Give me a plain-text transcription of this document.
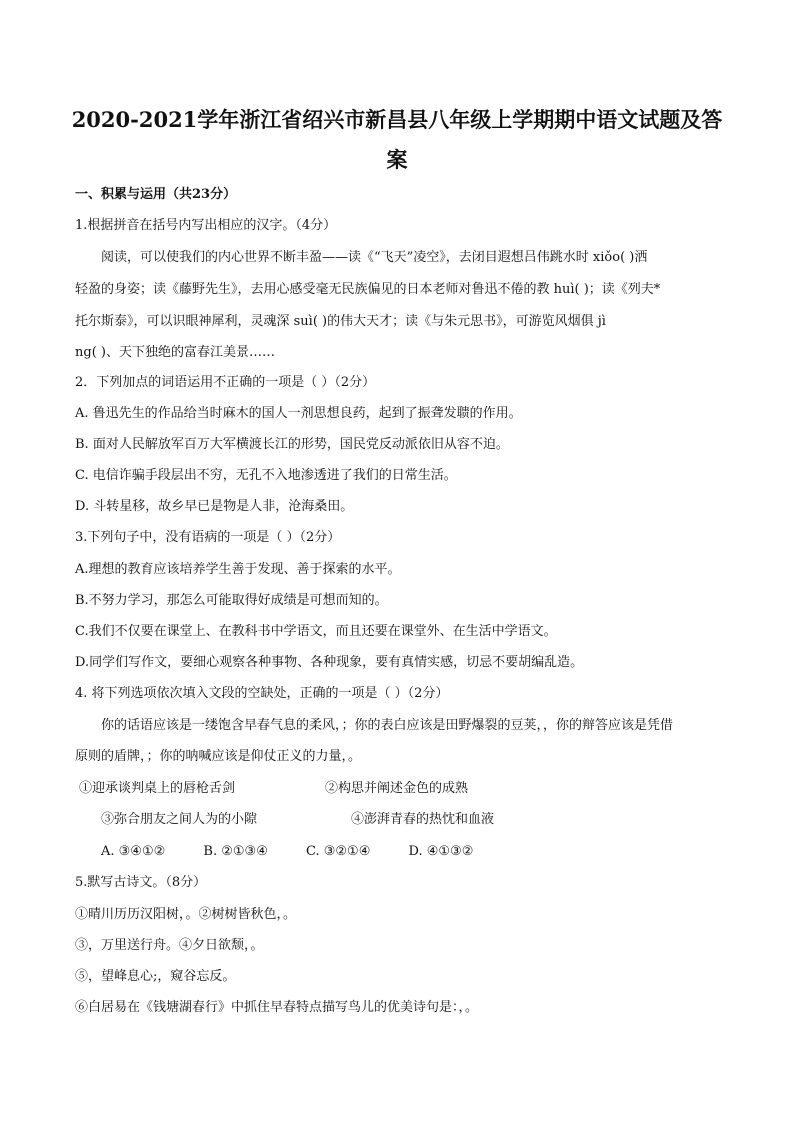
2020-2021学年浙江省绍兴市新昌县八年级上学期期中语文试题及答
案

一、积累与运用（共23分）

1.根据拼音在括号内写出相应的汉字。（4分）

阅读，可以使我们的内心世界不断丰盈——读《“飞天”凌空》，去闭目遐想吕伟跳水时 xiǒo( )洒

轻盈的身姿；读《藤野先生》，去用心感受毫无民族偏见的日本老师对鲁迅不倦的教 huì( )；读《列夫*

托尔斯泰》，可以识眼神犀利，灵魂深 suì( )的伟大天才；读《与朱元思书》，可游览风烟俱 jì

ng( )、天下独绝的富春江美景……

2．下列加点的词语运用不正确的一项是（ ）（2分）

A. 鲁迅先生的作品给当时麻木的国人一剂思想良药，起到了振聋发聩的作用。

B. 面对人民解放军百万大军横渡长江的形势，国民党反动派依旧从容不迫。

C. 电信诈骗手段层出不穷，无孔不入地渗透进了我们的日常生活。

D. 斗转星移，故乡早已是物是人非，沧海桑田。

3.下列句子中，没有语病的一项是（ ）（2分）

A.理想的教育应该培养学生善于发现、善于探索的水平。

B.不努力学习，那怎么可能取得好成绩是可想而知的。

C.我们不仅要在课堂上、在教科书中学语文，而且还要在课堂外、在生活中学语文。

D.同学们写作文，要细心观察各种事物、各种现象，要有真情实感，切忌不要胡编乱造。

4. 将下列选项依次填入文段的空缺处，正确的一项是（ ）（2分）

你的话语应该是一缕饱含早春气息的柔风，；你的表白应该是田野爆裂的豆荚，，你的辩答应该是凭借

原则的盾牌，；你的呐喊应该是仰仗正义的力量，。

①迎承谈判桌上的唇枪舌剑	②构思并阐述金色的成熟
③弥合朋友之间人为的小隙	④澎湃青春的热忱和血液
A. ③④①②	B. ②①③④	C. ③②①④	D. ④①③②

5.默写古诗文。（8分）

①晴川历历汉阳树，。②树树皆秋色，。

③，万里送行舟。④夕日欲颓，。

⑤，望峰息心;，窥谷忘反。

⑥白居易在《钱塘湖春行》中抓住早春特点描写鸟儿的优美诗句是：，。
